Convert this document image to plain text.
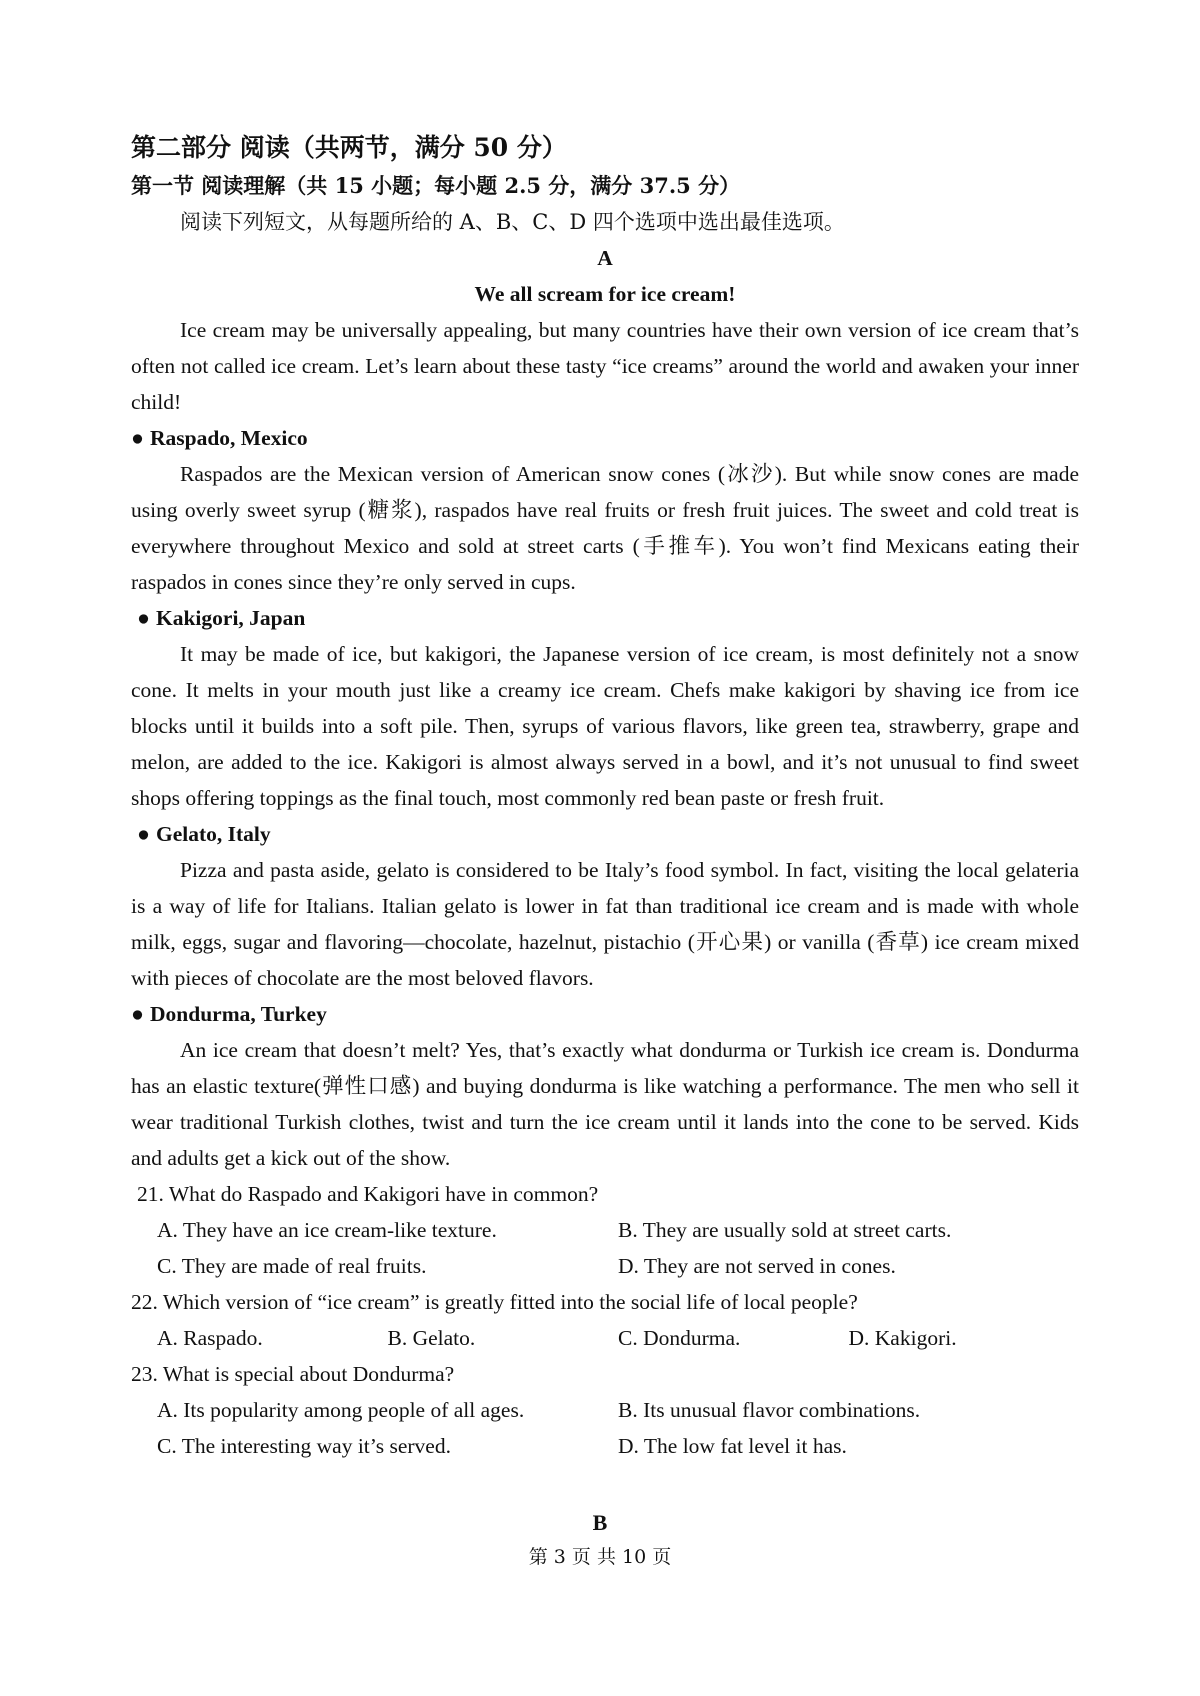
第二部分 阅读（共两节，满分 50 分）
第一节 阅读理解（共 15 小题；每小题 2.5 分，满分 37.5 分）
阅读下列短文，从每题所给的 A、B、C、D 四个选项中选出最佳选项。
A
We all scream for ice cream!

Ice cream may be universally appealing, but many countries have their own version of ice cream that’s often not called ice cream. Let’s learn about these tasty “ice creams” around the world and awaken your inner child!

● Raspado, Mexico

Raspados are the Mexican version of American snow cones (冰沙). But while snow cones are made using overly sweet syrup (糖浆), raspados have real fruits or fresh fruit juices. The sweet and cold treat is everywhere throughout Mexico and sold at street carts (手推车). You won’t find Mexicans eating their raspados in cones since they’re only served in cups.

● Kakigori, Japan

It may be made of ice, but kakigori, the Japanese version of ice cream, is most definitely not a snow cone. It melts in your mouth just like a creamy ice cream. Chefs make kakigori by shaving ice from ice blocks until it builds into a soft pile. Then, syrups of various flavors, like green tea, strawberry, grape and melon, are added to the ice. Kakigori is almost always served in a bowl, and it’s not unusual to find sweet shops offering toppings as the final touch, most commonly red bean paste or fresh fruit.

● Gelato, Italy

Pizza and pasta aside, gelato is considered to be Italy’s food symbol. In fact, visiting the local gelateria is a way of life for Italians. Italian gelato is lower in fat than traditional ice cream and is made with whole milk, eggs, sugar and flavoring—chocolate, hazelnut, pistachio (开心果) or vanilla (香草) ice cream mixed with pieces of chocolate are the most beloved flavors.

● Dondurma, Turkey

An ice cream that doesn’t melt? Yes, that’s exactly what dondurma or Turkish ice cream is. Dondurma has an elastic texture(弹性口感) and buying dondurma is like watching a performance. The men who sell it wear traditional Turkish clothes, twist and turn the ice cream until it lands into the cone to be served. Kids and adults get a kick out of the show.

21. What do Raspado and Kakigori have in common?
A. They have an ice cream-like texture.	B. They are usually sold at street carts.
C. They are made of real fruits.	D. They are not served in cones.
22. Which version of “ice cream” is greatly fitted into the social life of local people?
A. Raspado.	B. Gelato.	C. Dondurma.	D. Kakigori.
23. What is special about Dondurma?
A. Its popularity among people of all ages.	B. Its unusual flavor combinations.
C. The interesting way it’s served.	D. The low fat level it has.
B
第 3 页 共 10 页
